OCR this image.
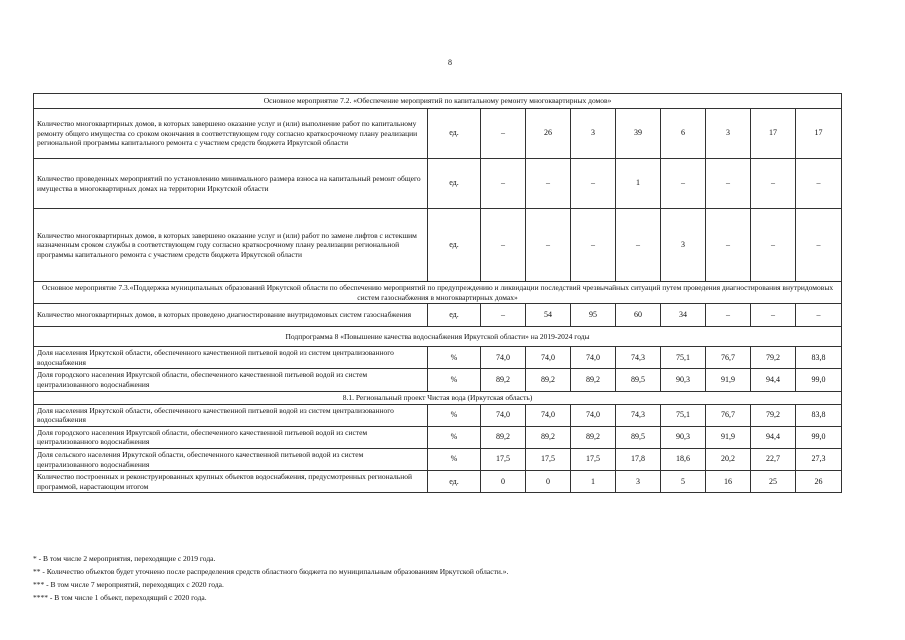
8
Основное мероприятие 7.2. «Обеспечение мероприятий по капитальному ремонту многоквартирных домов»									
Количество многоквартирных домов, в которых завершено оказание услуг и (или) выполнение работ по капитальному ремонту общего имущества со сроком окончания в соответствующем году согласно краткосрочному плану реализации региональной программы капитального ремонта с участием средств бюджета Иркутской области	ед.	–	26	3	39	6	3	17	17
Количество проведенных мероприятий по установлению минимального размера взноса на капитальный ремонт общего имущества в многоквартирных домах на территории Иркутской области	ед.	–	–	–	1	–	–	–	–
Количество многоквартирных домов, в которых завершено оказание услуг и (или) работ по замене лифтов с истекшим назначенным сроком службы в соответствующем году согласно краткосрочному плану реализации региональной программы капитального ремонта с участием средств бюджета Иркутской области	ед.	–	–	–	–	3	–	–	–
Основное мероприятие 7.3.«Поддержка муниципальных образований Иркутской области по обеспечению мероприятий по предупреждению и ликвидации последствий чрезвычайных ситуаций путем проведения диагностирования внутридомовых систем газоснабжения в многоквартирных домах»									
Количество многоквартирных домов, в которых проведено диагностирование внутридомовых систем газоснабжения	ед.	–	54	95	60	34	–	–	–
Подпрограмма 8 «Повышение качества водоснабжения Иркутской области» на 2019-2024 годы									
Доля населения Иркутской области, обеспеченного качественной питьевой водой из систем централизованного водоснабжения	%	74,0	74,0	74,0	74,3	75,1	76,7	79,2	83,8
Доля городского населения Иркутской области, обеспеченного качественной питьевой водой из систем централизованного водоснабжения	%	89,2	89,2	89,2	89,5	90,3	91,9	94,4	99,0
8.1. Региональный проект Чистая вода (Иркутская область)									
Доля населения Иркутской области, обеспеченного качественной питьевой водой из систем централизованного водоснабжения	%	74,0	74,0	74,0	74,3	75,1	76,7	79,2	83,8
Доля городского населения Иркутской области, обеспеченного качественной питьевой водой из систем централизованного водоснабжения	%	89,2	89,2	89,2	89,5	90,3	91,9	94,4	99,0
Доля сельского населения Иркутской области, обеспеченного качественной питьевой водой из систем централизованного водоснабжения	%	17,5	17,5	17,5	17,8	18,6	20,2	22,7	27,3
Количество построенных и реконструированных крупных объектов водоснабжения, предусмотренных региональной программой, нарастающим итогом	ед.	0	0	1	3	5	16	25	26
* - В том числе 2 мероприятия, переходящие с 2019 года.
** - Количество объектов будет уточнено после распределения средств областного бюджета по муниципальным образованиям Иркутской области.».
*** - В том числе 7 мероприятий, переходящих с 2020 года.
**** - В том числе 1 объект, переходящий с 2020 года.
